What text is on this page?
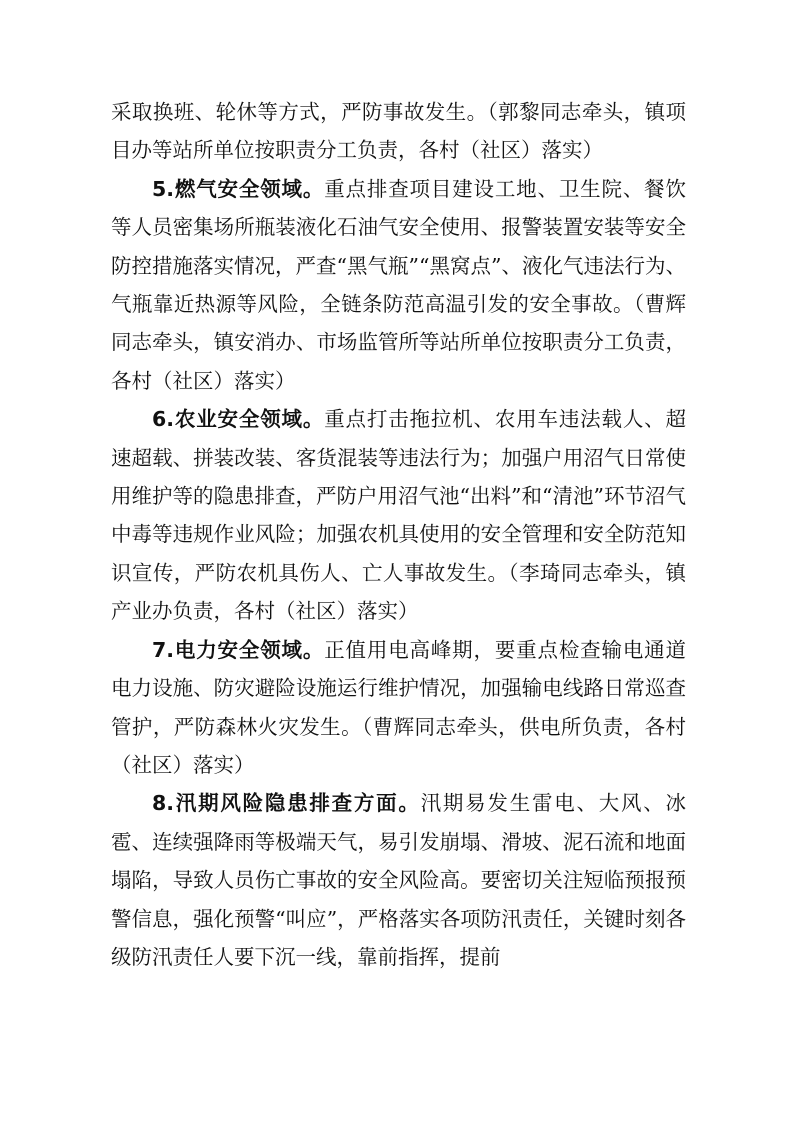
采取换班、轮休等方式，严防事故发生。（郭黎同志牵头，镇项目办等站所单位按职责分工负责，各村（社区）落实）

5.燃气安全领域。重点排查项目建设工地、卫生院、餐饮等人员密集场所瓶装液化石油气安全使用、报警装置安装等安全防控措施落实情况，严查“黑气瓶”“黑窝点”、液化气违法行为、气瓶靠近热源等风险，全链条防范高温引发的安全事故。（曹辉同志牵头，镇安消办、市场监管所等站所单位按职责分工负责，各村（社区）落实）

6.农业安全领域。重点打击拖拉机、农用车违法载人、超速超载、拼装改装、客货混装等违法行为；加强户用沼气日常使用维护等的隐患排查，严防户用沼气池“出料”和“清池”环节沼气中毒等违规作业风险；加强农机具使用的安全管理和安全防范知识宣传，严防农机具伤人、亡人事故发生。（李琦同志牵头，镇产业办负责，各村（社区）落实）

7.电力安全领域。正值用电高峰期，要重点检查输电通道电力设施、防灾避险设施运行维护情况，加强输电线路日常巡查管护，严防森林火灾发生。（曹辉同志牵头，供电所负责，各村（社区）落实）

8.汛期风险隐患排查方面。汛期易发生雷电、大风、冰雹、连续强降雨等极端天气，易引发崩塌、滑坡、泥石流和地面塌陷，导致人员伤亡事故的安全风险高。要密切关注短临预报预警信息，强化预警“叫应”，严格落实各项防汛责任，关键时刻各级防汛责任人要下沉一线，靠前指挥，提前
